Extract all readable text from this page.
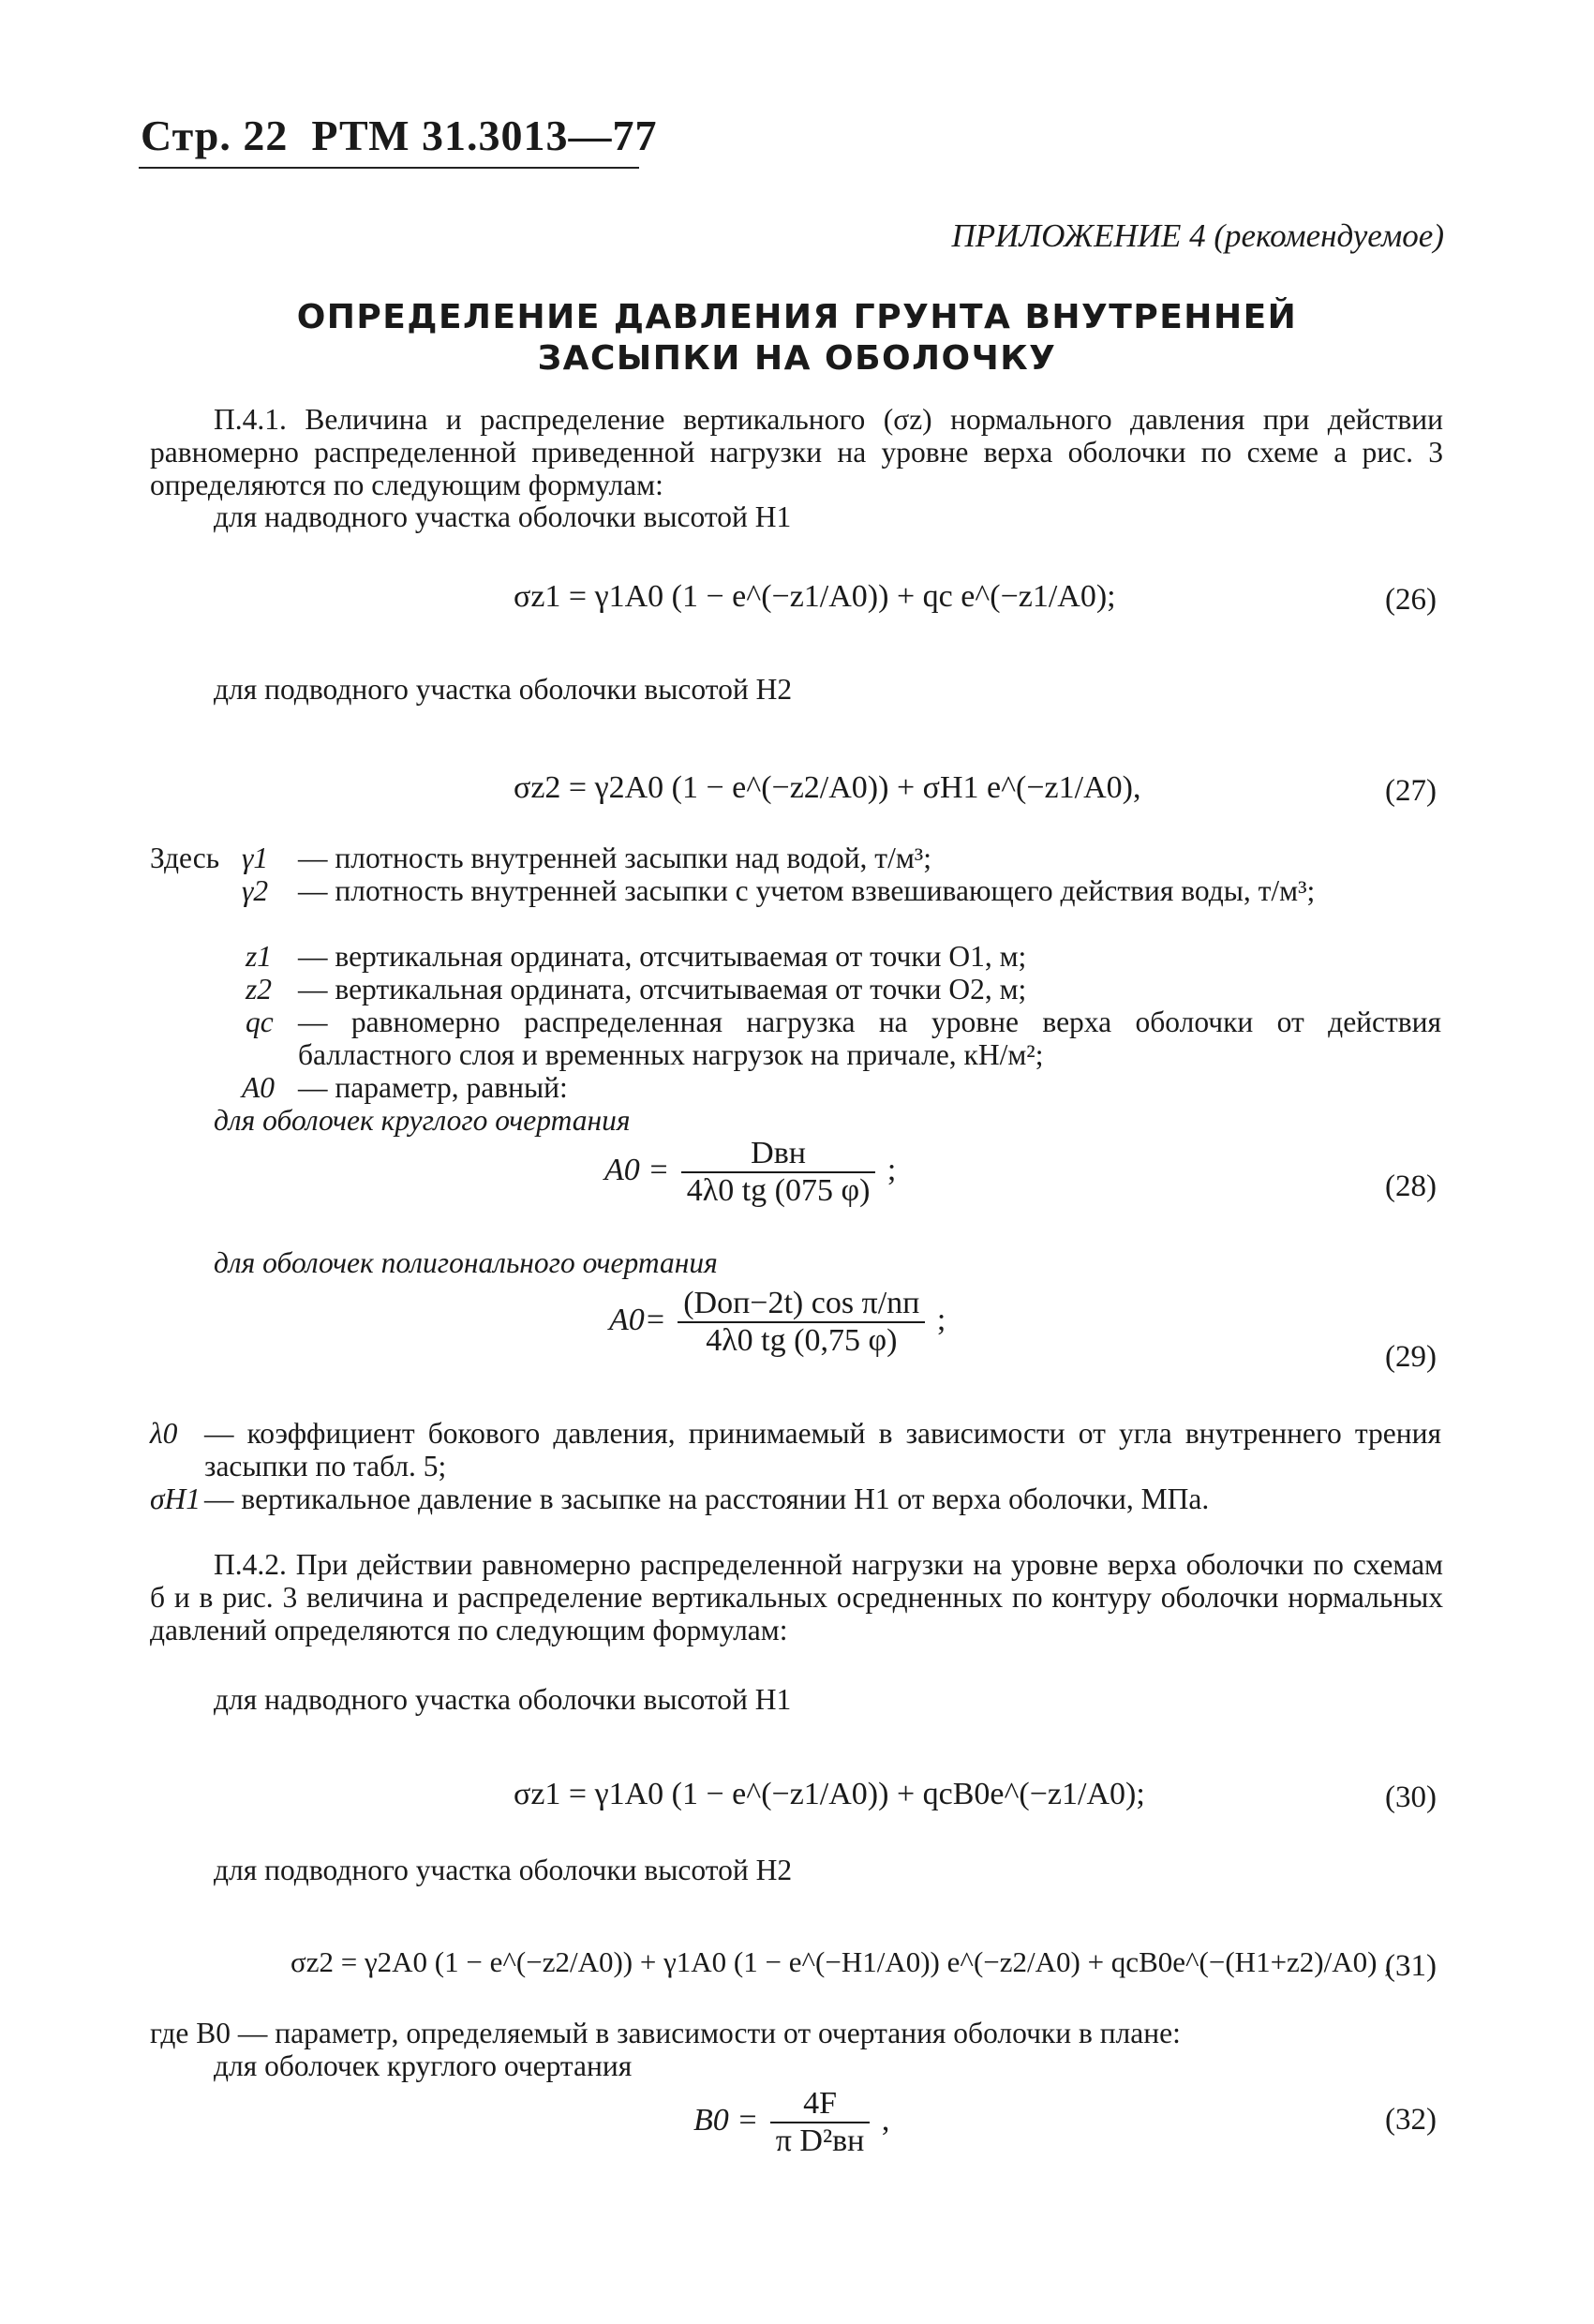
Стр. 22 РТМ 31.3013—77
ПРИЛОЖЕНИЕ 4 (рекомендуемое)
ОПРЕДЕЛЕНИЕ ДАВЛЕНИЯ ГРУНТА ВНУТРЕННЕЙ
ЗАСЫПКИ НА ОБОЛОЧКУ
П.4.1. Величина и распределение вертикального (σz) нормального давления при действии равномерно распределенной приведенной нагрузки на уровне верха оболочки по схеме а рис. 3 определяются по следующим формулам:
для надводного участка оболочки высотой H1
σz1 = γ1A0 (1 − e^(−z1/A0)) + qc e^(−z1/A0);	(26)
для подводного участка оболочки высотой H2
σz2 = γ2A0 (1 − e^(−z2/A0)) + σH1 e^(−z1/A0),	(27)
Здесь γ1 — плотность внутренней засыпки над водой, т/м³;
γ2 — плотность внутренней засыпки с учетом взвешивающего действия воды, т/м³;
z1 — вертикальная ордината, отсчитываемая от точки O1, м;
z2 — вертикальная ордината, отсчитываемая от точки O2, м;
qc — равномерно распределенная нагрузка на уровне верха оболочки от действия балластного слоя и временных нагрузок на причале, кН/м²;
A0 — параметр, равный:
для оболочек круглого очертания
$A0 = \frac{\text{Dвн}}{4\lambda 0 tg (075 \varphi)}$ ;	(28)
для оболочек полигонального очертания
$A0= \frac{\text{(Dоп−2t) cos π/nп}}{4\lambda 0 tg (0,75 \varphi)}$ ;
(29)
λ0 — коэффициент бокового давления, принимаемый в зависимости от угла внутреннего трения засыпки по табл. 5;
σH1 — вертикальное давление в засыпке на расстоянии H1 от верха оболочки, МПа.
П.4.2. При действии равномерно распределенной нагрузки на уровне верха оболочки по схемам б и в рис. 3 величина и распределение вертикальных осредненных по контуру оболочки нормальных давлений определяются по следующим формулам:
для надводного участка оболочки высотой H1
σz1 = γ1A0 (1 − e^(−z1/A0)) + qcB0e^(−z1/A0);	(30)
для подводного участка оболочки высотой H2
σz2 = γ2A0 (1 − e^(−z2/A0)) + γ1A0 (1 − e^(−H1/A0)) e^(−z2/A0) + qcB0e^(−(H1+z2)/A0) ,
(31)
где B0 — параметр, определяемый в зависимости от очертания оболочки в плане:
для оболочек круглого очертания
$B0 = \frac{4F}{\text{π D²вн}}$ ,	(32)
